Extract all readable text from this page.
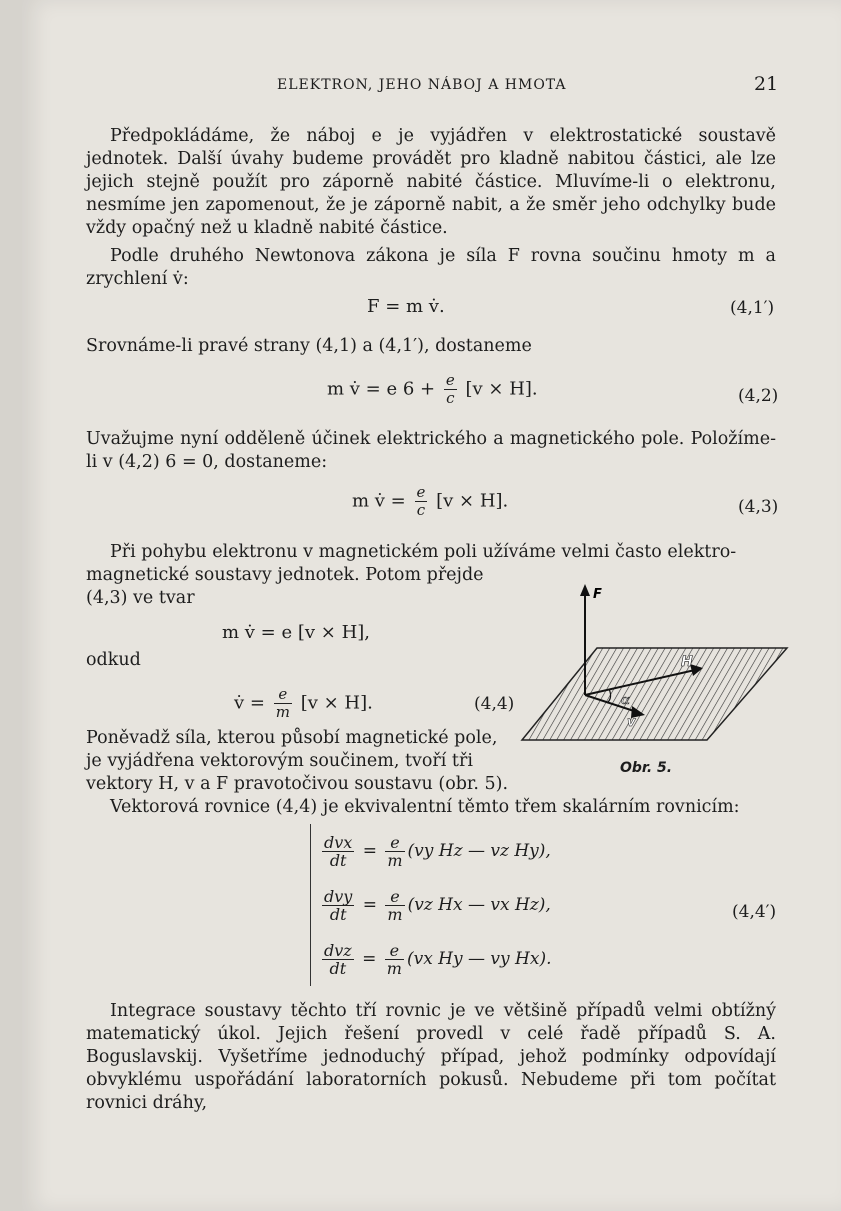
ELEKTRON, JEHO NÁBOJ A HMOTA	21
Předpokládáme, že náboj e je vyjádřen v elektrostatické soustavě jednotek. Další úvahy budeme provádět pro kladně nabitou částici, ale lze jejich stejně použít pro záporně nabité částice. Mluvíme-li o elektronu, nesmíme jen zapomenout, že je záporně nabit, a že směr jeho odchylky bude vždy opačný než u kladně nabité částice.
Podle druhého Newtonova zákona je síla F rovna součinu hmoty m a zrychlení v̇:
F = m v̇.	(4,1′)
Srovnáme-li pravé strany (4,1) a (4,1′), dostaneme
m v̇ = e $6 + \frac{e}{c} [v \times H]$.	(4,2)
Uvažujme nyní odděleně účinek elektrického a magnetického pole. Položíme-li v (4,2) 6 = 0, dostaneme:
m v̇ = $\frac{e}{c} [v \times H]$.	(4,3)
Při pohybu elektronu v magnetickém poli užíváme velmi často elektro-
magnetické soustavy jednotek. Potom přejde
(4,3) ve tvar
m v̇ = e [v × H],
odkud
v̇ = $\frac{e}{m} [v \times H]$.	(4,4)
Poněvadž síla, kterou působí magnetické pole,
je vyjádřena vektorovým součinem, tvoří tři
vektory H, v a F pravotočivou soustavu (obr. 5).
F
H
α
v
Obr. 5.
Vektorová rovnice (4,4) je ekvivalentní těmto třem skalárním rovnicím:
$\frac{\text{dvx}}{dt} = \frac{e}{m} (vy$ Hz — vz Hy),
$\frac{\text{dvy}}{dt} = \frac{e}{m} (vz$ Hx — vx Hz),
$\frac{\text{dvz}}{dt} = \frac{e}{m} (vx$ Hy — vy Hx).
(4,4′)
Integrace soustavy těchto tří rovnic je ve většině případů velmi obtížný matematický úkol. Jejich řešení provedl v celé řadě případů S. A. Boguslavskij. Vyšetříme jednoduchý případ, jehož podmínky odpovídají obvyklému uspořádání laboratorních pokusů. Nebudeme při tom počítat rovnici dráhy,
